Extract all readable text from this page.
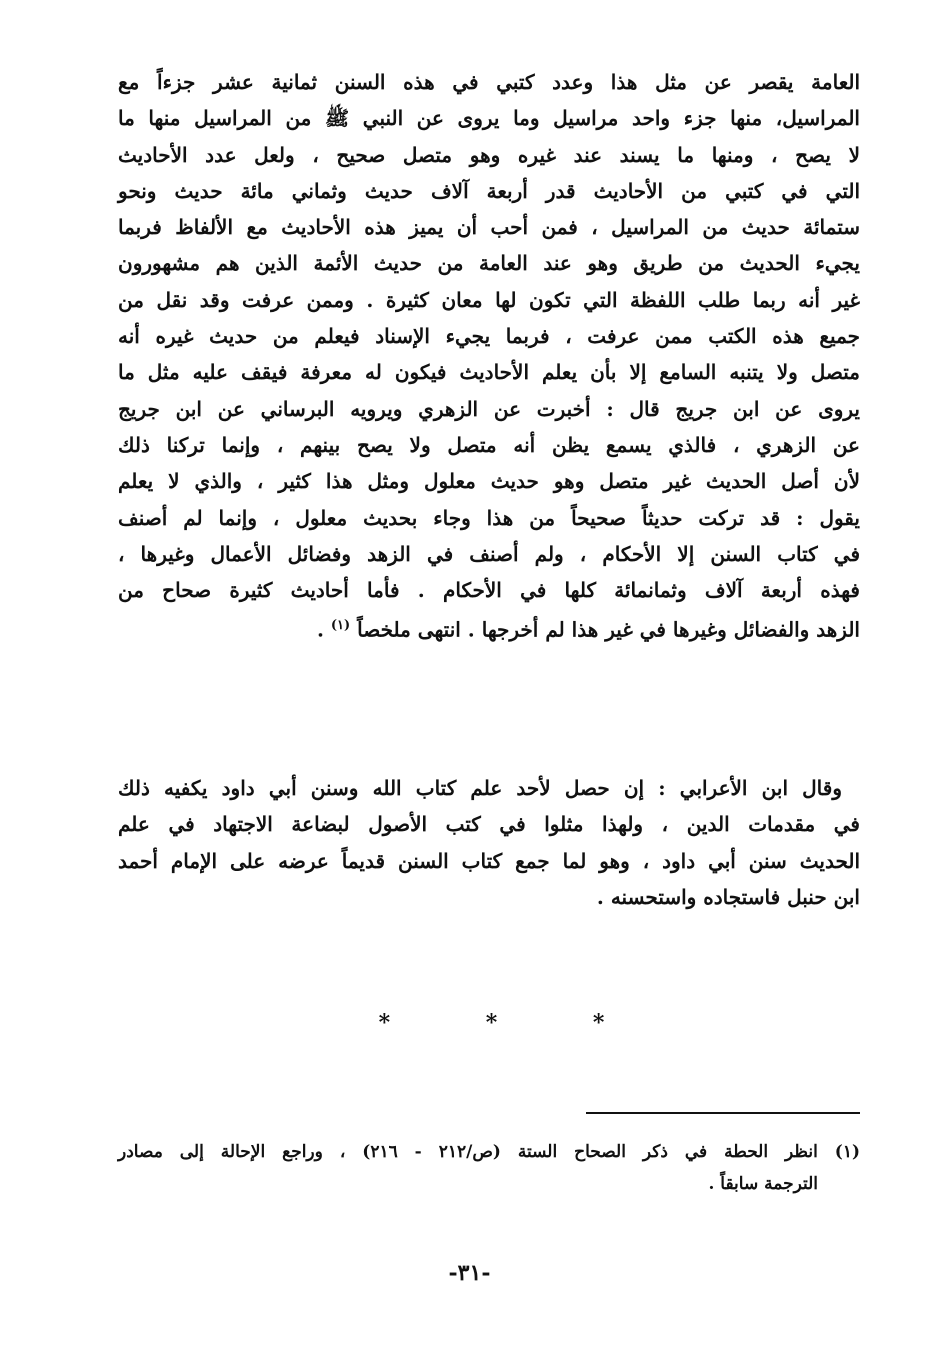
العامة يقصر عن مثل هذا وعدد كتبي في هذه السنن ثمانية عشر جزءاً مع
المراسيل، منها جزء واحد مراسيل وما يروى عن النبي ﷺ من المراسيل منها ما
لا يصح ، ومنها ما يسند عند غيره وهو متصل صحيح ، ولعل عدد الأحاديث
التي في كتبي من الأحاديث قدر أربعة آلاف حديث وثماني مائة حديث ونحو
ستمائة حديث من المراسيل ، فمن أحب أن يميز هذه الأحاديث مع الألفاظ فربما
يجيء الحديث من طريق وهو عند العامة من حديث الأئمة الذين هم مشهورون
غير أنه ربما طلب اللفظة التي تكون لها معان كثيرة . وممن عرفت وقد نقل من
جميع هذه الكتب ممن عرفت ، فربما يجيء الإسناد فيعلم من حديث غيره أنه
متصل ولا يتنبه السامع إلا بأن يعلم الأحاديث فيكون له معرفة فيقف عليه مثل ما
يروى عن ابن جريج قال : أخبرت عن الزهري ويرويه البرساني عن ابن جريج
عن الزهري ، فالذي يسمع يظن أنه متصل ولا يصح بينهم ، وإنما تركنا ذلك
لأن أصل الحديث غير متصل وهو حديث معلول ومثل هذا كثير ، والذي لا يعلم
يقول : قد تركت حديثاً صحيحاً من هذا وجاء بحديث معلول ، وإنما لم أصنف
في كتاب السنن إلا الأحكام ، ولم أصنف في الزهد وفضائل الأعمال وغيرها ،
فهذه أربعة آلاف وثمانمائة كلها في الأحكام . فأما أحاديث كثيرة صحاح من
الزهد والفضائل وغيرها في غير هذا لم أخرجها . انتهى ملخصاً $^{(١)}$ .

وقال ابن الأعرابي : إن حصل لأحد علم كتاب الله وسنن أبي داود يكفيه ذلك
في مقدمات الدين ، ولهذا مثلوا في كتب الأصول لبضاعة الاجتهاد في علم
الحديث سنن أبي داود ، وهو لما جمع كتاب السنن قديماً عرضه على الإمام أحمد
ابن حنبل فاستجاده واستحسنه .

* * *
(١) انظر الحطة في ذكر الصحاح الستة (ص/٢١٢ - ٢١٦) ، وراجع الإحالة إلى مصادر
الترجمة سابقاً .
-٣١-
